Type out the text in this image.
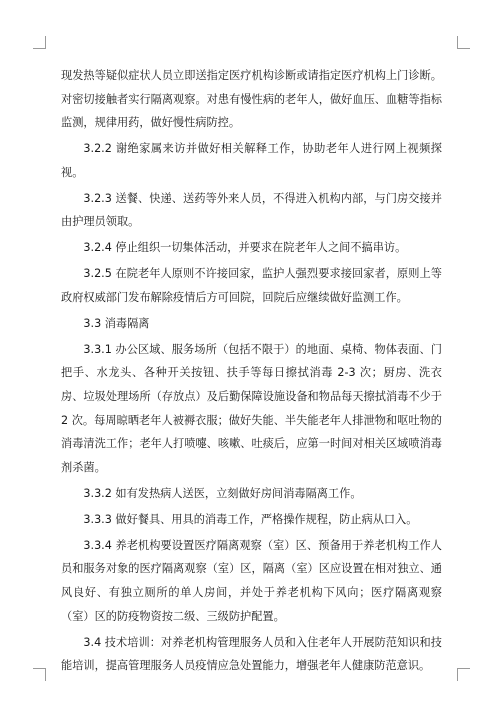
现发热等疑似症状人员立即送指定医疗机构诊断或请指定医疗机构上门诊断。对密切接触者实行隔离观察。对患有慢性病的老年人，做好血压、血糖等指标监测，规律用药，做好慢性病防控。

3.2.2 谢绝家属来访并做好相关解释工作，协助老年人进行网上视频探视。

3.2.3 送餐、快递、送药等外来人员，不得进入机构内部，与门房交接并由护理员领取。

3.2.4 停止组织一切集体活动，并要求在院老年人之间不搞串访。

3.2.5 在院老年人原则不许接回家，监护人强烈要求接回家者，原则上等政府权威部门发布解除疫情后方可回院，回院后应继续做好监测工作。

3.3 消毒隔离

3.3.1 办公区域、服务场所（包括不限于）的地面、桌椅、物体表面、门把手、水龙头、各种开关按钮、扶手等每日擦拭消毒 2-3 次；厨房、洗衣房、垃圾处理场所（存放点）及后勤保障设施设备和物品每天擦拭消毒不少于 2 次。每周晾晒老年人被褥衣服；做好失能、半失能老年人排泄物和呕吐物的消毒清洗工作；老年人打喷嚏、咳嗽、吐痰后，应第一时间对相关区域喷消毒剂杀菌。

3.3.2 如有发热病人送医，立刻做好房间消毒隔离工作。

3.3.3 做好餐具、用具的消毒工作，严格操作规程，防止病从口入。

3.3.4 养老机构要设置医疗隔离观察（室）区、预备用于养老机构工作人员和服务对象的医疗隔离观察（室）区，隔离（室）区应设置在相对独立、通风良好、有独立厕所的单人房间，并处于养老机构下风向；医疗隔离观察（室）区的防疫物资按二级、三级防护配置。

3.4 技术培训：对养老机构管理服务人员和入住老年人开展防范知识和技能培训，提高管理服务人员疫情应急处置能力，增强老年人健康防范意识。
